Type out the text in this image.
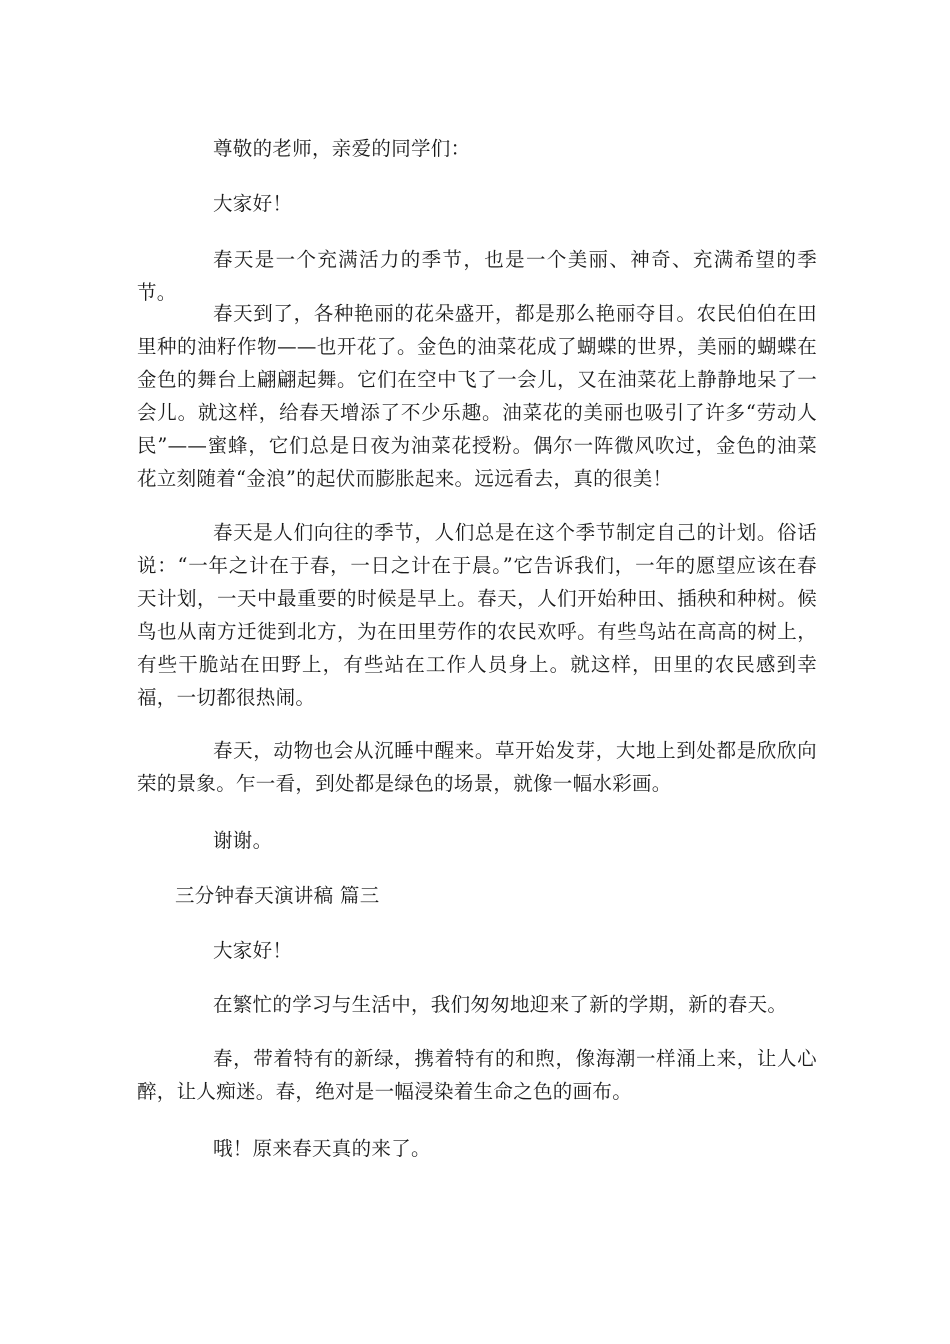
尊敬的老师，亲爱的同学们：

大家好！

春天是一个充满活力的季节，也是一个美丽、神奇、充满希望的季节。

春天到了，各种艳丽的花朵盛开，都是那么艳丽夺目。农民伯伯在田里种的油籽作物——也开花了。金色的油菜花成了蝴蝶的世界，美丽的蝴蝶在金色的舞台上翩翩起舞。它们在空中飞了一会儿，又在油菜花上静静地呆了一会儿。就这样，给春天增添了不少乐趣。油菜花的美丽也吸引了许多“劳动人民”——蜜蜂，它们总是日夜为油菜花授粉。偶尔一阵微风吹过，金色的油菜花立刻随着“金浪”的起伏而膨胀起来。远远看去，真的很美！

春天是人们向往的季节，人们总是在这个季节制定自己的计划。俗话说：“一年之计在于春，一日之计在于晨。”它告诉我们，一年的愿望应该在春天计划，一天中最重要的时候是早上。春天，人们开始种田、插秧和种树。候鸟也从南方迁徙到北方，为在田里劳作的农民欢呼。有些鸟站在高高的树上，有些干脆站在田野上，有些站在工作人员身上。就这样，田里的农民感到幸福，一切都很热闹。

春天，动物也会从沉睡中醒来。草开始发芽，大地上到处都是欣欣向荣的景象。乍一看，到处都是绿色的场景，就像一幅水彩画。

谢谢。

三分钟春天演讲稿 篇三

大家好！

在繁忙的学习与生活中，我们匆匆地迎来了新的学期，新的春天。

春，带着特有的新绿，携着特有的和煦，像海潮一样涌上来，让人心醉，让人痴迷。春，绝对是一幅浸染着生命之色的画布。

哦！原来春天真的来了。
